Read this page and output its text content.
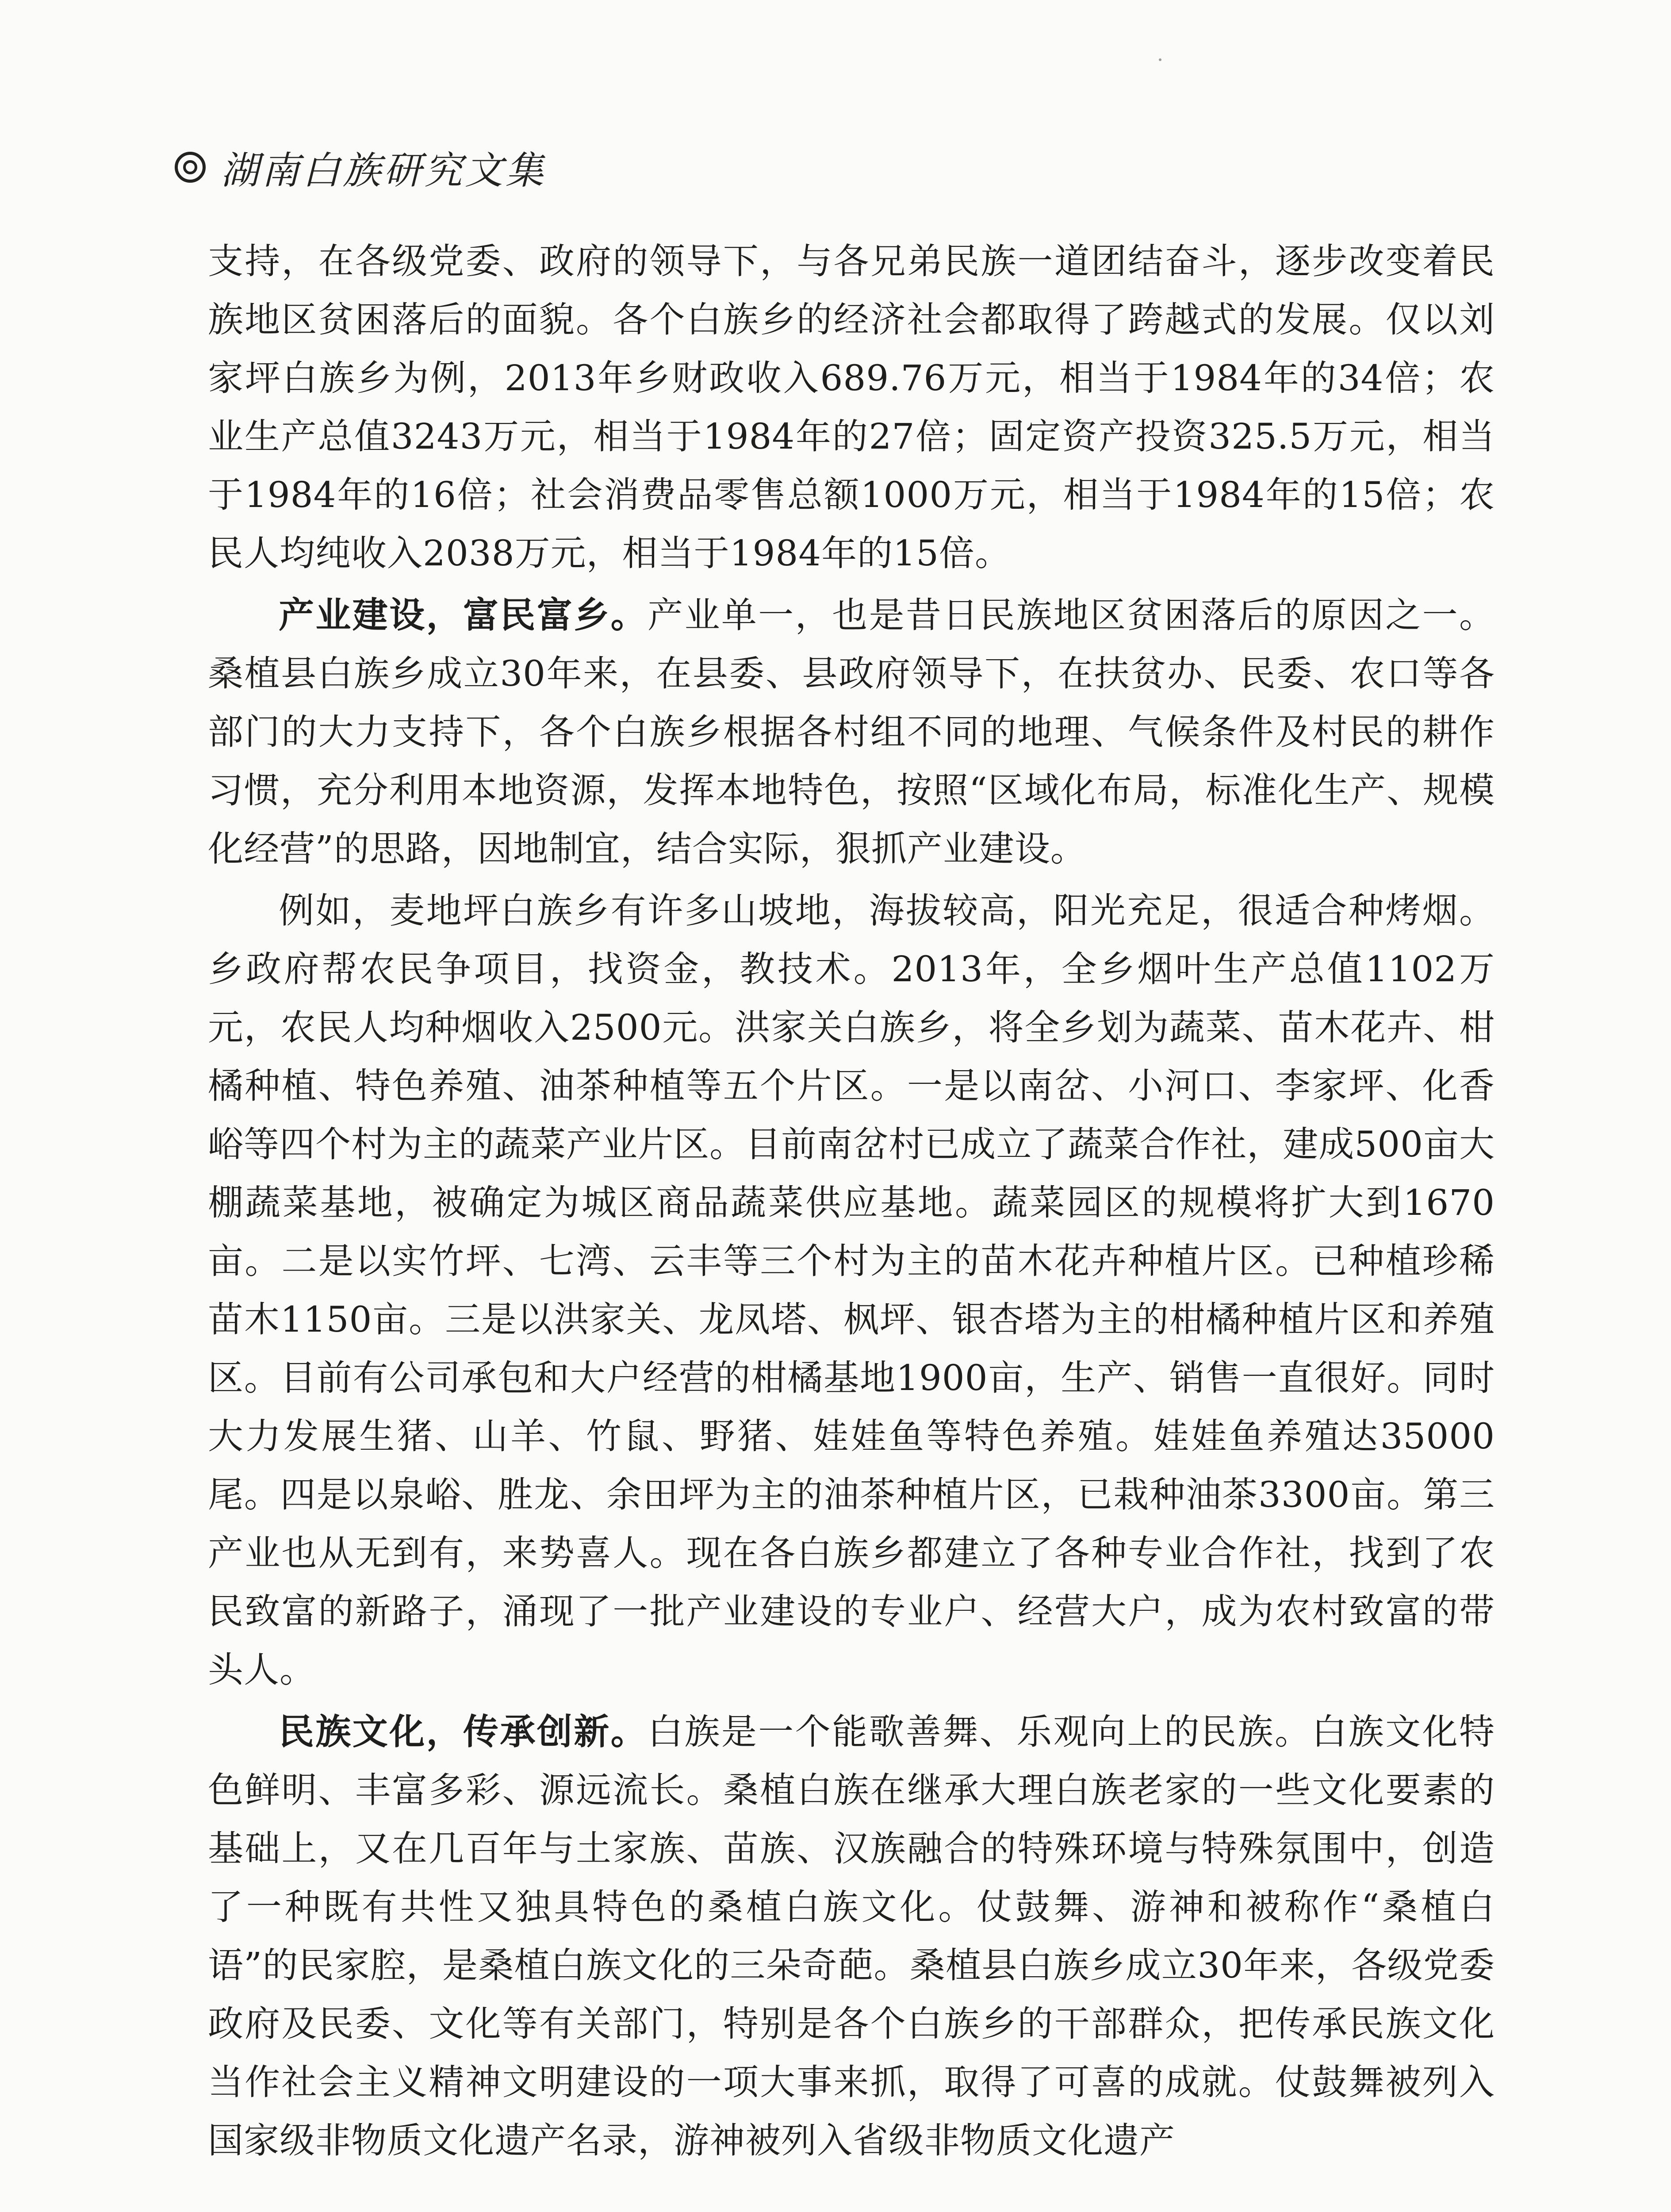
湖南白族研究文集

支持，在各级党委、政府的领导下，与各兄弟民族一道团结奋斗，逐步改变着民族地区贫困落后的面貌。各个白族乡的经济社会都取得了跨越式的发展。仅以刘家坪白族乡为例，2013年乡财政收入689.76万元，相当于1984年的34倍；农业生产总值3243万元，相当于1984年的27倍；固定资产投资325.5万元，相当于1984年的16倍；社会消费品零售总额1000万元，相当于1984年的15倍；农民人均纯收入2038万元，相当于1984年的15倍。

产业建设，富民富乡。产业单一，也是昔日民族地区贫困落后的原因之一。桑植县白族乡成立30年来，在县委、县政府领导下，在扶贫办、民委、农口等各部门的大力支持下，各个白族乡根据各村组不同的地理、气候条件及村民的耕作习惯，充分利用本地资源，发挥本地特色，按照“区域化布局，标准化生产、规模化经营”的思路，因地制宜，结合实际，狠抓产业建设。

例如，麦地坪白族乡有许多山坡地，海拔较高，阳光充足，很适合种烤烟。乡政府帮农民争项目，找资金，教技术。2013年，全乡烟叶生产总值1102万元，农民人均种烟收入2500元。洪家关白族乡，将全乡划为蔬菜、苗木花卉、柑橘种植、特色养殖、油茶种植等五个片区。一是以南岔、小河口、李家坪、化香峪等四个村为主的蔬菜产业片区。目前南岔村已成立了蔬菜合作社，建成500亩大棚蔬菜基地，被确定为城区商品蔬菜供应基地。蔬菜园区的规模将扩大到1670亩。二是以实竹坪、七湾、云丰等三个村为主的苗木花卉种植片区。已种植珍稀苗木1150亩。三是以洪家关、龙凤塔、枫坪、银杏塔为主的柑橘种植片区和养殖区。目前有公司承包和大户经营的柑橘基地1900亩，生产、销售一直很好。同时大力发展生猪、山羊、竹鼠、野猪、娃娃鱼等特色养殖。娃娃鱼养殖达35000尾。四是以泉峪、胜龙、余田坪为主的油茶种植片区，已栽种油茶3300亩。第三产业也从无到有，来势喜人。现在各白族乡都建立了各种专业合作社，找到了农民致富的新路子，涌现了一批产业建设的专业户、经营大户，成为农村致富的带头人。

民族文化，传承创新。白族是一个能歌善舞、乐观向上的民族。白族文化特色鲜明、丰富多彩、源远流长。桑植白族在继承大理白族老家的一些文化要素的基础上，又在几百年与土家族、苗族、汉族融合的特殊环境与特殊氛围中，创造了一种既有共性又独具特色的桑植白族文化。仗鼓舞、游神和被称作“桑植白语”的民家腔，是桑植白族文化的三朵奇葩。桑植县白族乡成立30年来，各级党委政府及民委、文化等有关部门，特别是各个白族乡的干部群众，把传承民族文化当作社会主义精神文明建设的一项大事来抓，取得了可喜的成就。仗鼓舞被列入国家级非物质文化遗产名录，游神被列入省级非物质文化遗产
